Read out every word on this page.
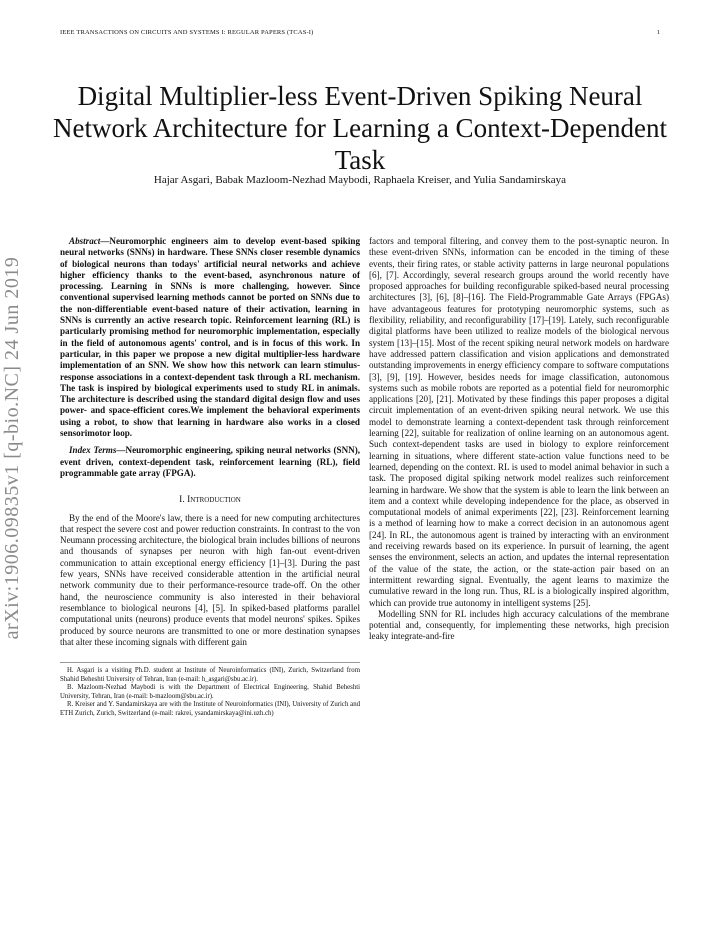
IEEE TRANSACTIONS ON CIRCUITS AND SYSTEMS I: REGULAR PAPERS (TCAS-I)	1
Digital Multiplier-less Event-Driven Spiking Neural Network Architecture for Learning a Context-Dependent Task
Hajar Asgari, Babak Mazloom-Nezhad Maybodi, Raphaela Kreiser, and Yulia Sandamirskaya
arXiv:1906.09835v1 [q-bio.NC] 24 Jun 2019

Abstract—Neuromorphic engineers aim to develop event-based spiking neural networks (SNNs) in hardware. These SNNs closer resemble dynamics of biological neurons than todays' artificial neural networks and achieve higher efficiency thanks to the event-based, asynchronous nature of processing. Learning in SNNs is more challenging, however. Since conventional supervised learning methods cannot be ported on SNNs due to the non-differentiable event-based nature of their activation, learning in SNNs is currently an active research topic. Reinforcement learning (RL) is particularly promising method for neuromorphic implementation, especially in the field of autonomous agents' control, and is in focus of this work. In particular, in this paper we propose a new digital multiplier-less hardware implementation of an SNN. We show how this network can learn stimulus-response associations in a context-dependent task through a RL mechanism. The task is inspired by biological experiments used to study RL in animals. The architecture is described using the standard digital design flow and uses power- and space-efficient cores.We implement the behavioral experiments using a robot, to show that learning in hardware also works in a closed sensorimotor loop.

Index Terms—Neuromorphic engineering, spiking neural networks (SNN), event driven, context-dependent task, reinforcement learning (RL), field programmable gate array (FPGA).

I. Introduction

By the end of the Moore's law, there is a need for new computing architectures that respect the severe cost and power reduction constraints. In contrast to the von Neumann processing architecture, the biological brain includes billions of neurons and thousands of synapses per neuron with high fan-out event-driven communication to attain exceptional energy efficiency [1]–[3]. During the past few years, SNNs have received considerable attention in the artificial neural network community due to their performance-resource trade-off. On the other hand, the neuroscience community is also interested in their behavioral resemblance to biological neurons [4], [5]. In spiked-based platforms parallel computational units (neurons) produce events that model neurons' spikes. Spikes produced by source neurons are transmitted to one or more destination synapses that alter these incoming signals with different gain

H. Asgari is a visiting Ph.D. student at Institute of Neuroinformatics (INI), Zurich, Switzerland from Shahid Beheshti University of Tehran, Iran (e-mail: h_asgari@sbu.ac.ir).

B. Mazloom-Nezhad Maybodi is with the Department of Electrical Engineering, Shahid Beheshti University, Tehran, Iran (e-mail: b-mazloom@sbu.ac.ir).

R. Kreiser and Y. Sandamirskaya are with the Institute of Neuroinformatics (INI), University of Zurich and ETH Zurich, Zurich, Switzerland (e-mail: rakrei, ysandamirskaya@ini.uzh.ch)

factors and temporal filtering, and convey them to the post-synaptic neuron. In these event-driven SNNs, information can be encoded in the timing of these events, their firing rates, or stable activity patterns in large neuronal populations [6], [7]. Accordingly, several research groups around the world recently have proposed approaches for building reconfigurable spiked-based neural processing architectures [3], [6], [8]–[16]. The Field-Programmable Gate Arrays (FPGAs) have advantageous features for prototyping neuromorphic systems, such as flexibility, reliability, and reconfigurability [17]–[19]. Lately, such reconfigurable digital platforms have been utilized to realize models of the biological nervous system [13]–[15]. Most of the recent spiking neural network models on hardware have addressed pattern classification and vision applications and demonstrated outstanding improvements in energy efficiency compare to software computations [3], [9], [19]. However, besides needs for image classification, autonomous systems such as mobile robots are reported as a potential field for neuromorphic applications [20], [21]. Motivated by these findings this paper proposes a digital circuit implementation of an event-driven spiking neural network. We use this model to demonstrate learning a context-dependent task through reinforcement learning [22], suitable for realization of online learning on an autonomous agent. Such context-dependent tasks are used in biology to explore reinforcement learning in situations, where different state-action value functions need to be learned, depending on the context. RL is used to model animal behavior in such a task. The proposed digital spiking network model realizes such reinforcement learning in hardware. We show that the system is able to learn the link between an item and a context while developing independence for the place, as observed in computational models of animal experiments [22], [23]. Reinforcement learning is a method of learning how to make a correct decision in an autonomous agent [24]. In RL, the autonomous agent is trained by interacting with an environment and receiving rewards based on its experience. In pursuit of learning, the agent senses the environment, selects an action, and updates the internal representation of the value of the state, the action, or the state-action pair based on an intermittent rewarding signal. Eventually, the agent learns to maximize the cumulative reward in the long run. Thus, RL is a biologically inspired algorithm, which can provide true autonomy in intelligent systems [25].

Modelling SNN for RL includes high accuracy calculations of the membrane potential and, consequently, for implementing these networks, high precision leaky integrate-and-fire
